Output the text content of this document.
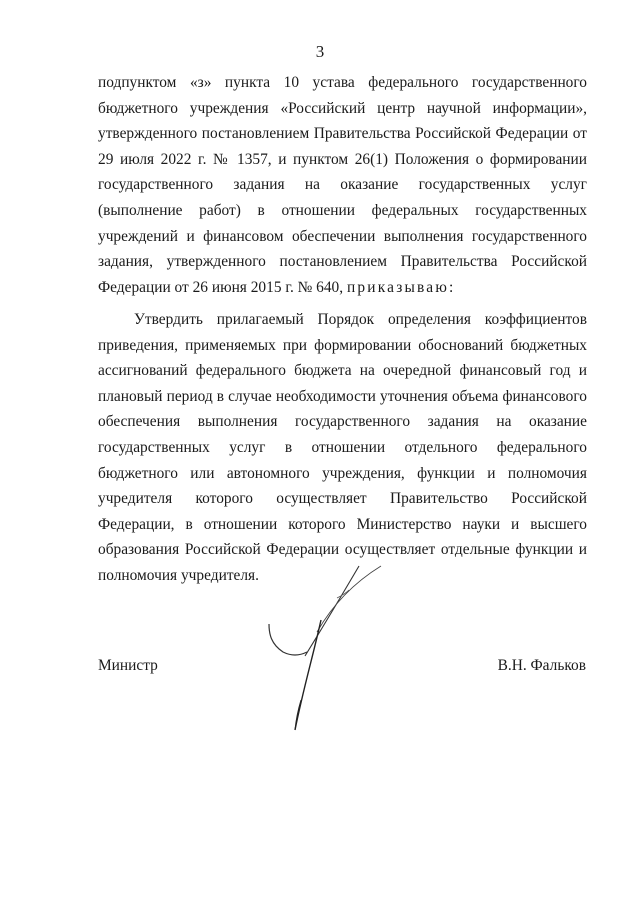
3

подпунктом «з» пункта 10 устава федерального государственного бюджетного учреждения «Российский центр научной информации», утвержденного постановлением Правительства Российской Федерации от 29 июля 2022 г. № 1357, и пунктом 26(1) Положения о формировании государственного задания на оказание государственных услуг (выполнение работ) в отношении федеральных государственных учреждений и финансовом обеспечении выполнения государственного задания, утвержденного постановлением Правительства Российской Федерации от 26 июня 2015 г. № 640, приказываю:

Утвердить прилагаемый Порядок определения коэффициентов приведения, применяемых при формировании обоснований бюджетных ассигнований федерального бюджета на очередной финансовый год и плановый период в случае необходимости уточнения объема финансового обеспечения выполнения государственного задания на оказание государственных услуг в отношении отдельного федерального бюджетного или автономного учреждения, функции и полномочия учредителя которого осуществляет Правительство Российской Федерации, в отношении которого Министерство науки и высшего образования Российской Федерации осуществляет отдельные функции и полномочия учредителя.

Министр	В.Н. Фальков
